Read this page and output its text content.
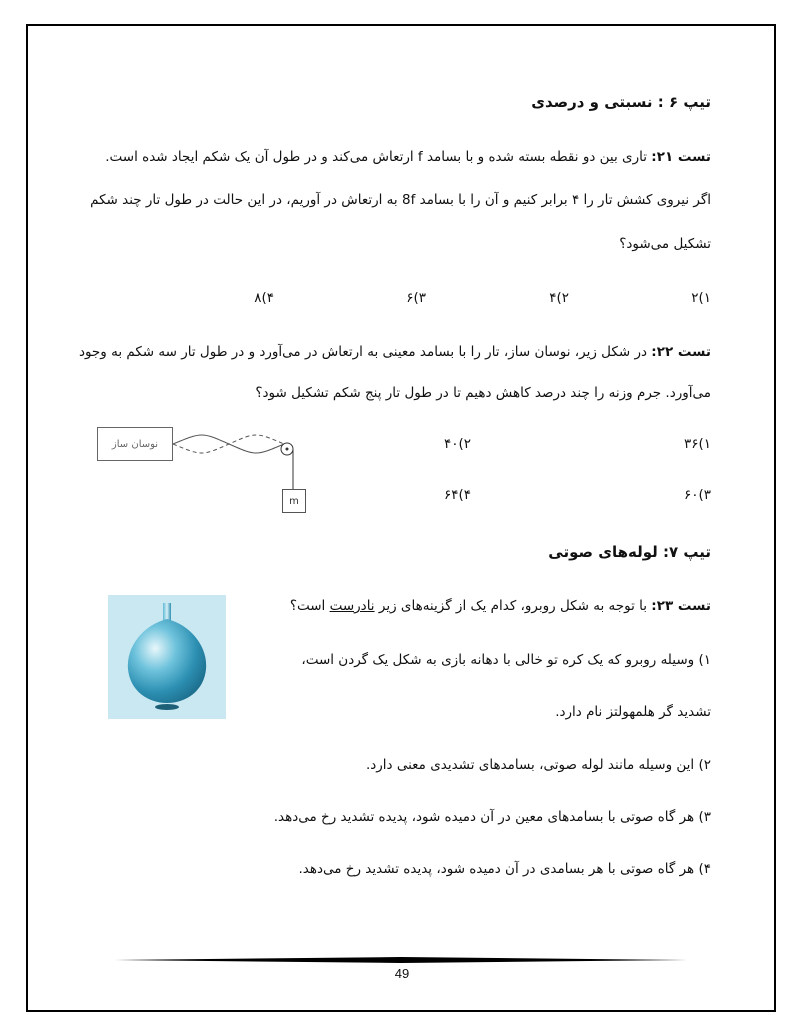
تیپ ۶ : نسبتی و درصدی
تست ۲۱: تاری بین دو نقطه بسته شده و با بسامد f ارتعاش می‌کند و در طول آن یک شکم ایجاد شده است.
اگر نیروی کشش تار را ۴ برابر کنیم و آن را با بسامد 8f به ارتعاش در آوریم، در این حالت در طول تار چند شکم
تشکیل می‌شود؟
۲(۱
۴(۲
۶(۳
۸(۴
تست ۲۲: در شکل زیر، نوسان ساز، تار را با بسامد معینی به ارتعاش در می‌آورد و در طول تار سه شکم به وجود
می‌آورد. جرم وزنه را چند درصد کاهش دهیم تا در طول تار پنج شکم تشکیل شود؟
نوسان ساز
m
۳۶(۱
۴۰(۲
۶۰(۳
۶۴(۴
تیپ ۷: لوله‌های صوتی
تست ۲۳: با توجه به شکل روبرو، کدام یک از گزینه‌های زیر نادرست است؟
۱) وسیله روبرو که یک کره تو خالی با دهانه بازی به شکل یک گردن است،
تشدید گر هلمهولتز نام دارد.
۲) این وسیله مانند لوله صوتی، بسامدهای تشدیدی معنی دارد.
۳) هر گاه صوتی با بسامدهای معین در آن دمیده شود، پدیده تشدید رخ می‌دهد.
۴) هر گاه صوتی با هر بسامدی در آن دمیده شود، پدیده تشدید رخ می‌دهد.
49
